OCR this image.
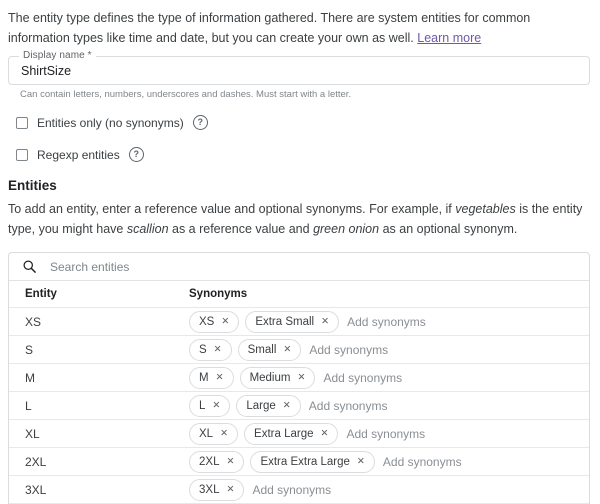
The entity type defines the type of information gathered. There are system entities for common information types like time and date, but you can create your own as well. Learn more

Display name *
ShirtSize
Can contain letters, numbers, underscores and dashes. Must start with a letter.
Entities only (no synonyms)	?
Regexp entities	?
Entities

To add an entity, enter a reference value and optional synonyms. For example, if vegetables is the entity type, you might have scallion as a reference value and green onion as an optional synonym.

Search entities
Entity	Synonyms
XS	XS ✕ Extra Small ✕
Add synonyms
S	S ✕ Small ✕
Add synonyms
M	M ✕ Medium ✕
Add synonyms
L	L ✕ Large ✕
Add synonyms
XL	XL ✕ Extra Large ✕
Add synonyms
2XL	2XL ✕ Extra Extra Large ✕
Add synonyms
3XL	3XL ✕
Add synonyms
